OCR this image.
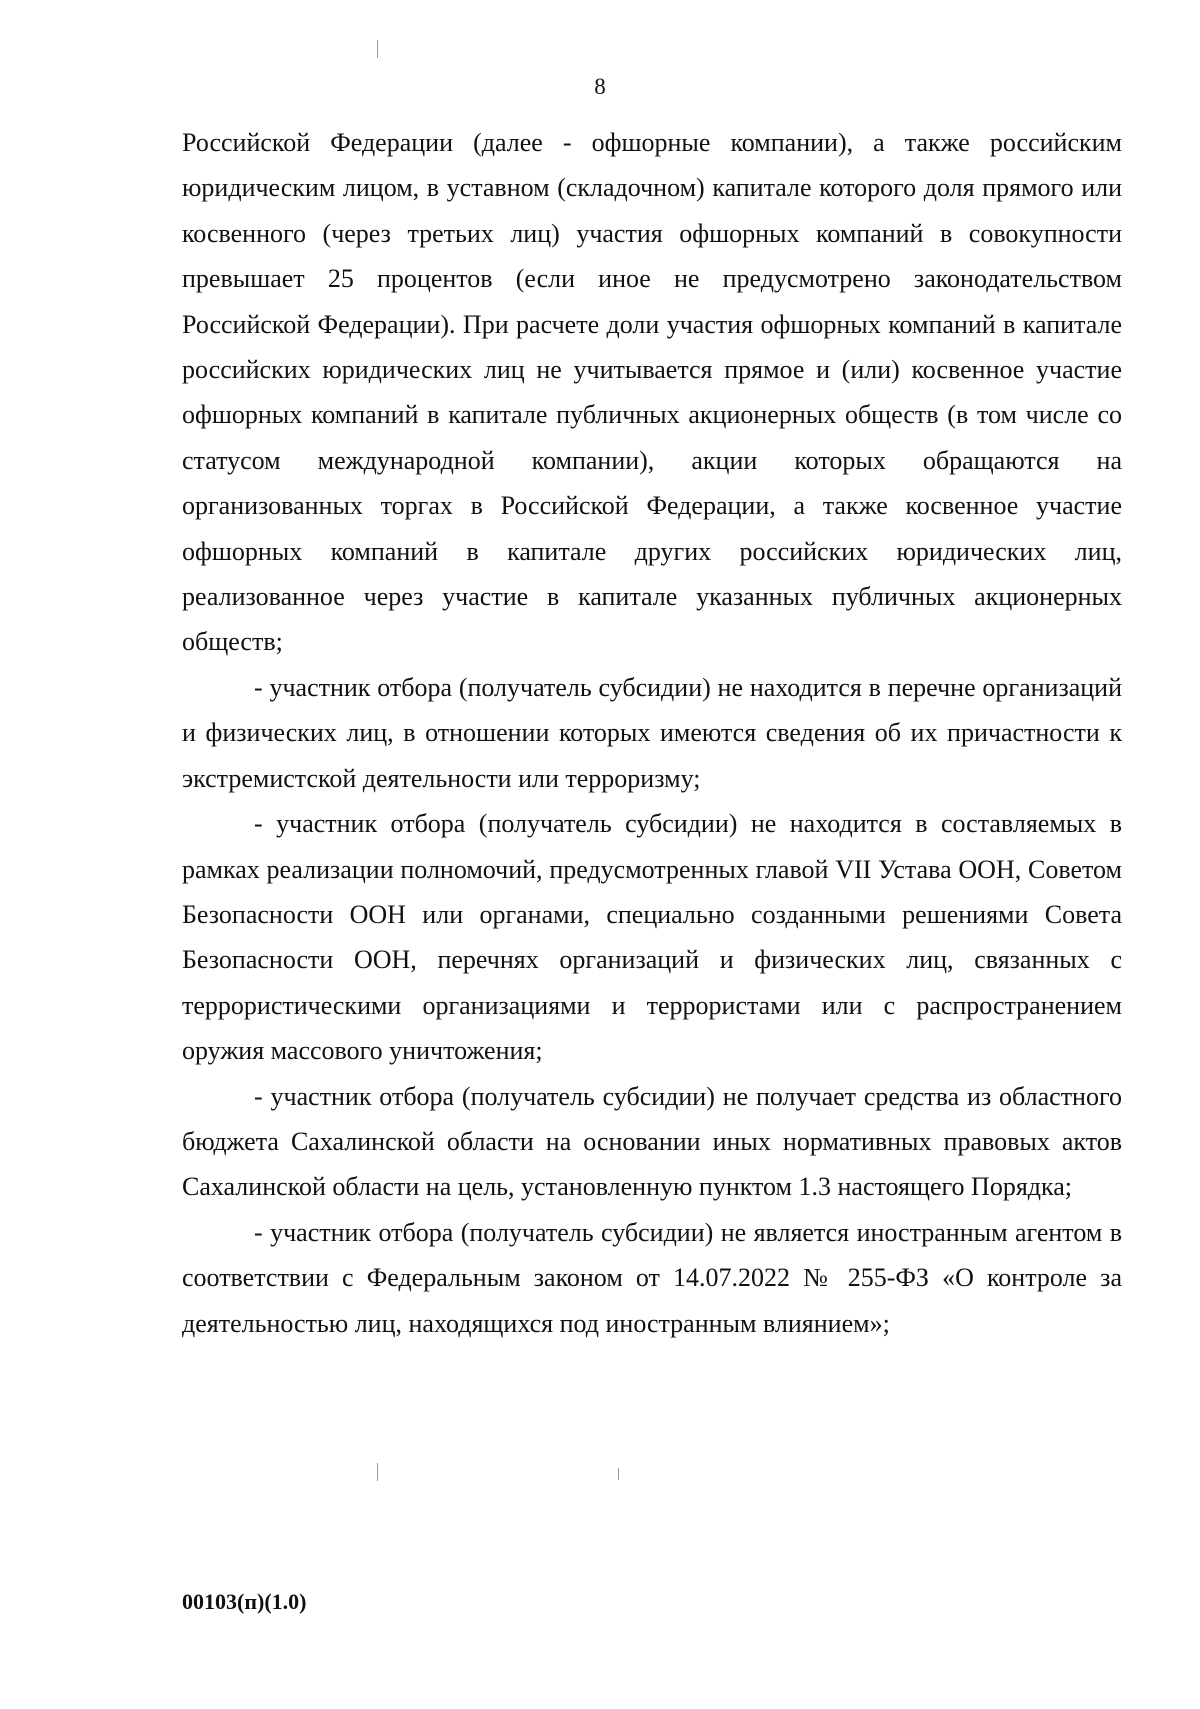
8

Российской Федерации (далее - офшорные компании), а также российским юридическим лицом, в уставном (складочном) капитале которого доля прямого или косвенного (через третьих лиц) участия офшорных компаний в совокупности превышает 25 процентов (если иное не предусмотрено законодательством Российской Федерации). При расчете доли участия офшорных компаний в капитале российских юридических лиц не учитывается прямое и (или) косвенное участие офшорных компаний в капитале публичных акционерных обществ (в том числе со статусом международной компании), акции которых обращаются на организованных торгах в Российской Федерации, а также косвенное участие офшорных компаний в капитале других российских юридических лиц, реализованное через участие в капитале указанных публичных акционерных обществ;

- участник отбора (получатель субсидии) не находится в перечне организаций и физических лиц, в отношении которых имеются сведения об их причастности к экстремистской деятельности или терроризму;

- участник отбора (получатель субсидии) не находится в составляемых в рамках реализации полномочий, предусмотренных главой VII Устава ООН, Советом Безопасности ООН или органами, специально созданными решениями Совета Безопасности ООН, перечнях организаций и физических лиц, связанных с террористическими организациями и террористами или с распространением оружия массового уничтожения;

- участник отбора (получатель субсидии) не получает средства из областного бюджета Сахалинской области на основании иных нормативных правовых актов Сахалинской области на цель, установленную пунктом 1.3 настоящего Порядка;

- участник отбора (получатель субсидии) не является иностранным агентом в соответствии с Федеральным законом от 14.07.2022 № 255-ФЗ «О контроле за деятельностью лиц, находящихся под иностранным влиянием»;

00103(п)(1.0)
